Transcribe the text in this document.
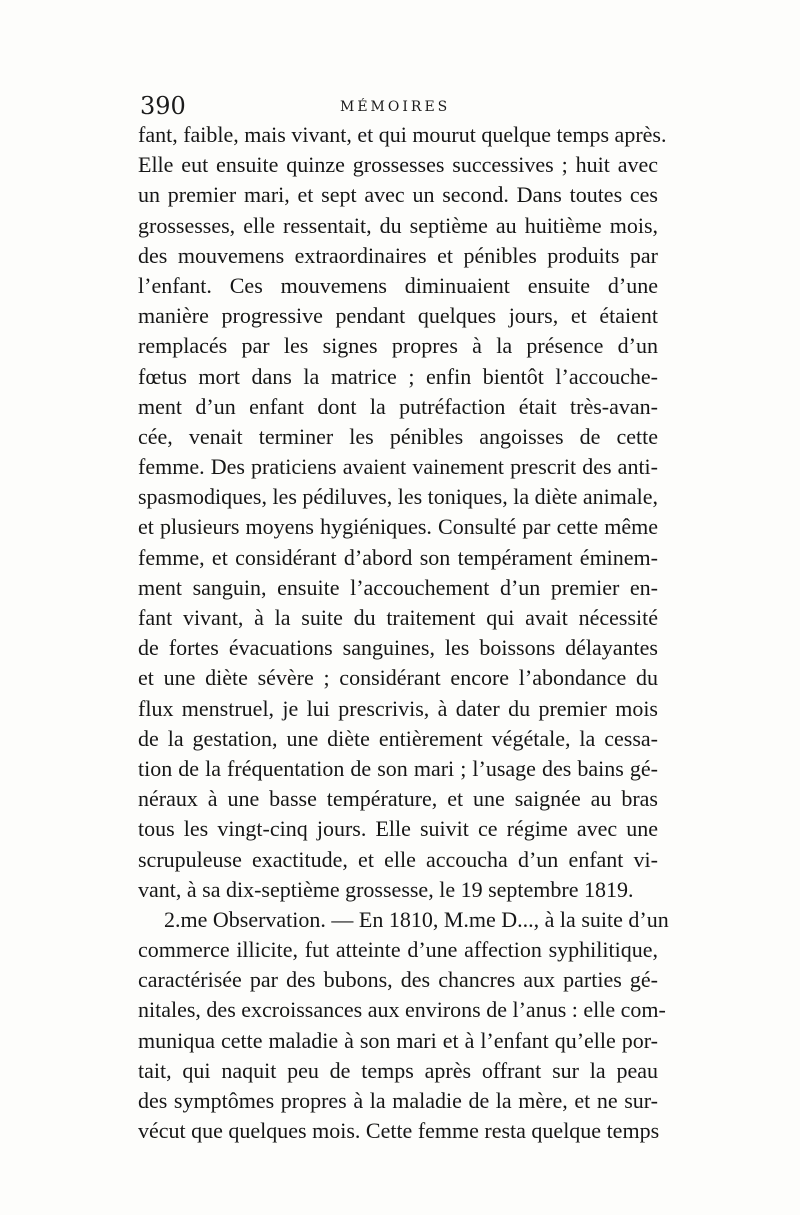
390	MÉMOIRES
fant, faible, mais vivant, et qui mourut quelque temps après.
Elle eut ensuite quinze grossesses successives ; huit avec
un premier mari, et sept avec un second. Dans toutes ces
grossesses, elle ressentait, du septième au huitième mois,
des mouvemens extraordinaires et pénibles produits par
l’enfant. Ces mouvemens diminuaient ensuite d’une
manière progressive pendant quelques jours, et étaient
remplacés par les signes propres à la présence d’un
fœtus mort dans la matrice ; enfin bientôt l’accouche-
ment d’un enfant dont la putréfaction était très-avan-
cée, venait terminer les pénibles angoisses de cette
femme. Des praticiens avaient vainement prescrit des anti-
spasmodiques, les pédiluves, les toniques, la diète animale,
et plusieurs moyens hygiéniques. Consulté par cette même
femme, et considérant d’abord son tempérament éminem-
ment sanguin, ensuite l’accouchement d’un premier en-
fant vivant, à la suite du traitement qui avait nécessité
de fortes évacuations sanguines, les boissons délayantes
et une diète sévère ; considérant encore l’abondance du
flux menstruel, je lui prescrivis, à dater du premier mois
de la gestation, une diète entièrement végétale, la cessa-
tion de la fréquentation de son mari ; l’usage des bains gé-
néraux à une basse température, et une saignée au bras
tous les vingt-cinq jours. Elle suivit ce régime avec une
scrupuleuse exactitude, et elle accoucha d’un enfant vi-
vant, à sa dix-septième grossesse, le 19 septembre 1819.
2.me Observation. — En 1810, M.me D..., à la suite d’un
commerce illicite, fut atteinte d’une affection syphilitique,
caractérisée par des bubons, des chancres aux parties gé-
nitales, des excroissances aux environs de l’anus : elle com-
muniqua cette maladie à son mari et à l’enfant qu’elle por-
tait, qui naquit peu de temps après offrant sur la peau
des symptômes propres à la maladie de la mère, et ne sur-
vécut que quelques mois. Cette femme resta quelque temps
